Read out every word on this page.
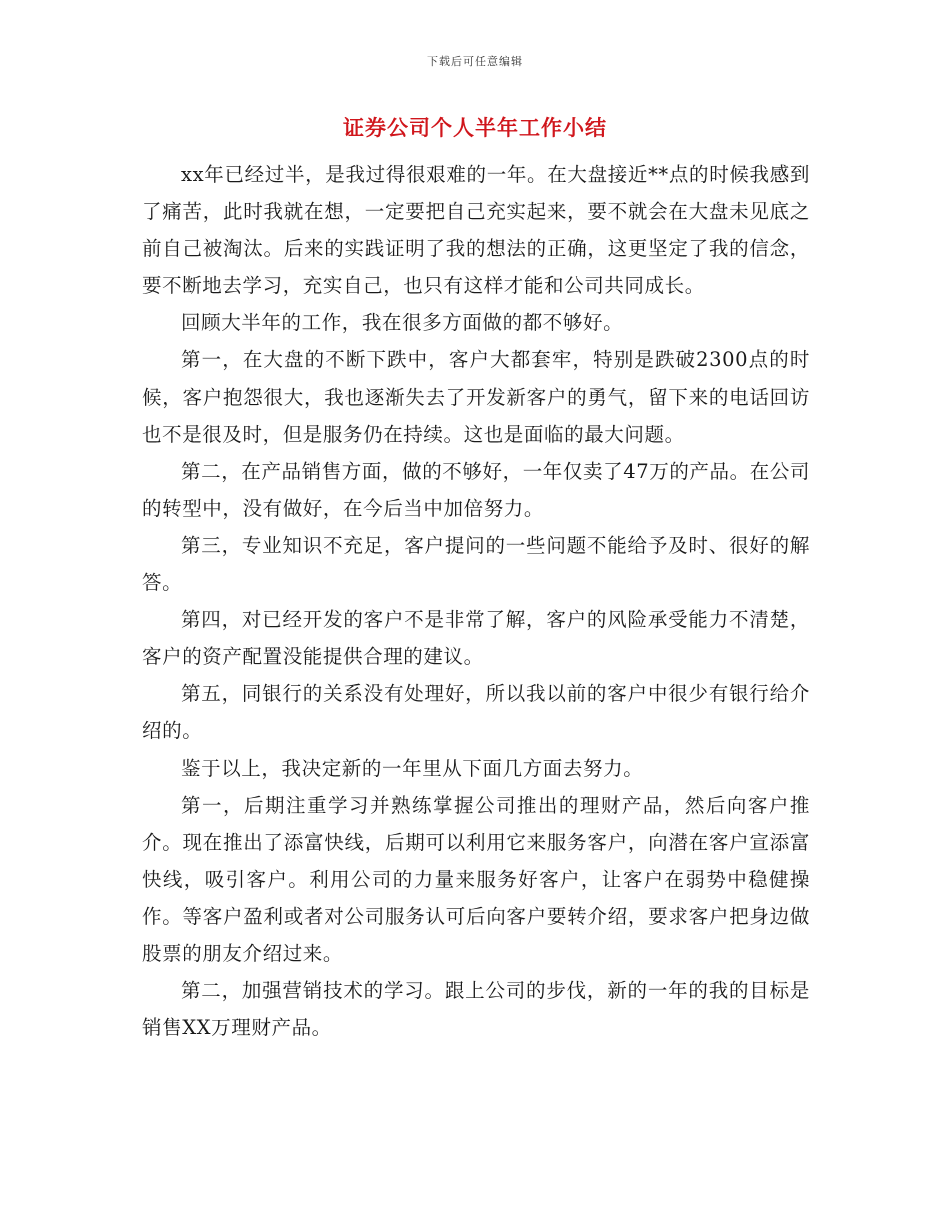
下载后可任意编辑
证券公司个人半年工作小结

xx年已经过半，是我过得很艰难的一年。在大盘接近**点的时候我感到了痛苦，此时我就在想，一定要把自己充实起来，要不就会在大盘未见底之前自己被淘汰。后来的实践证明了我的想法的正确，这更坚定了我的信念，要不断地去学习，充实自己，也只有这样才能和公司共同成长。

回顾大半年的工作，我在很多方面做的都不够好。

第一，在大盘的不断下跌中，客户大都套牢，特别是跌破2300点的时候，客户抱怨很大，我也逐渐失去了开发新客户的勇气，留下来的电话回访也不是很及时，但是服务仍在持续。这也是面临的最大问题。

第二，在产品销售方面，做的不够好，一年仅卖了47万的产品。在公司的转型中，没有做好，在今后当中加倍努力。

第三，专业知识不充足，客户提问的一些问题不能给予及时、很好的解答。

第四，对已经开发的客户不是非常了解，客户的风险承受能力不清楚，客户的资产配置没能提供合理的建议。

第五，同银行的关系没有处理好，所以我以前的客户中很少有银行给介绍的。

鉴于以上，我决定新的一年里从下面几方面去努力。

第一，后期注重学习并熟练掌握公司推出的理财产品，然后向客户推介。现在推出了添富快线，后期可以利用它来服务客户，向潜在客户宣添富快线，吸引客户。利用公司的力量来服务好客户，让客户在弱势中稳健操作。等客户盈利或者对公司服务认可后向客户要转介绍，要求客户把身边做股票的朋友介绍过来。

第二，加强营销技术的学习。跟上公司的步伐，新的一年的我的目标是销售XX万理财产品。
